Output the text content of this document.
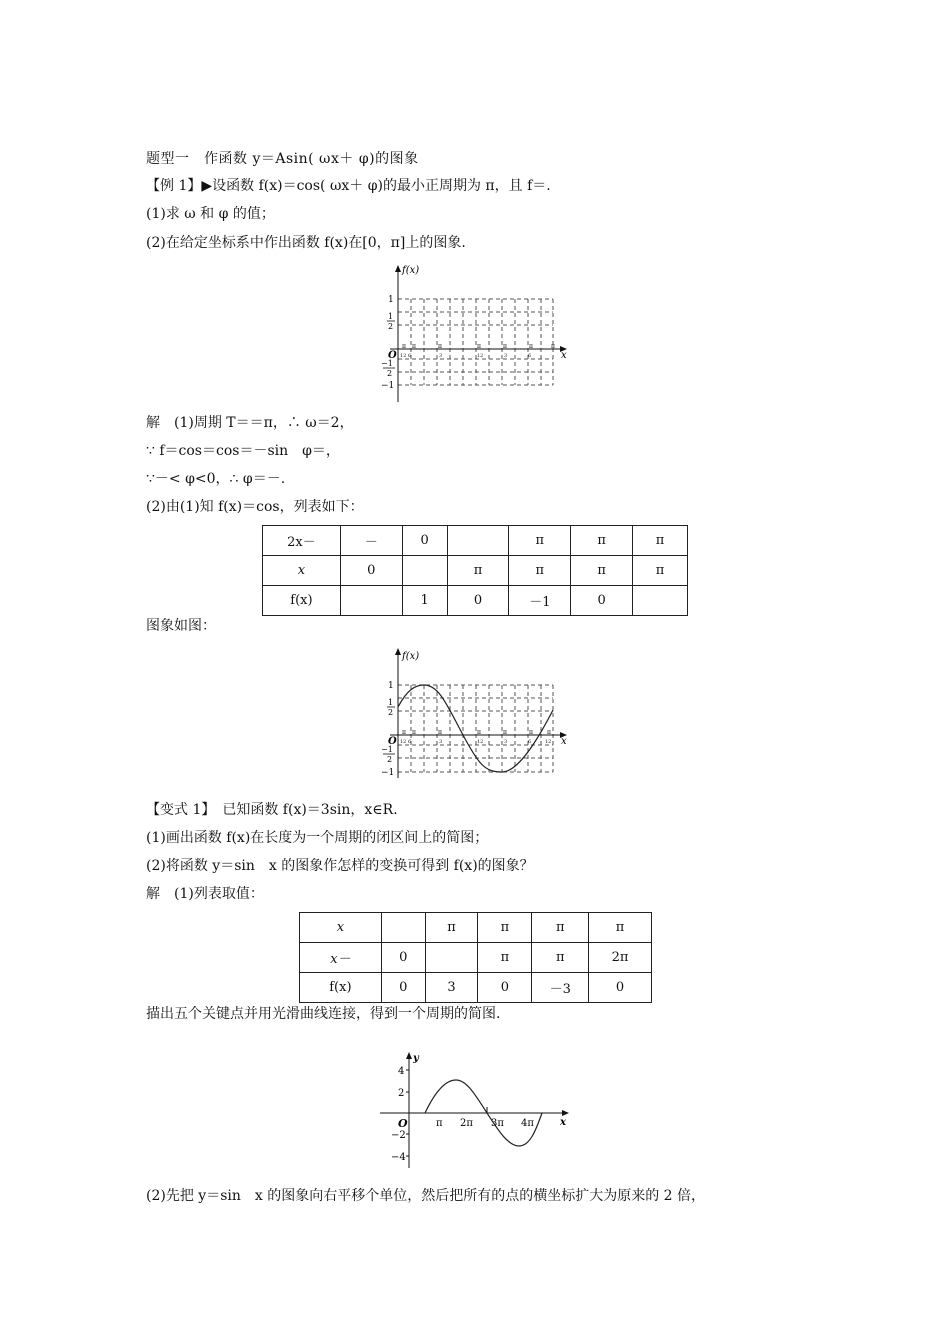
题型一　作函数 y＝Asin( ωx＋ φ)的图象
【例 1】▶设函数 f(x)＝cos( ωx＋ φ)的最小正周期为 π，且 f＝.
(1)求 ω 和 φ 的值；
(2)在给定坐标系中作出函数 f(x)在[0，π]上的图象.
f(x)
x
O
1
1
2
−1
2
−1
π π	π	π	π	π	π
12 6	3	12	3	6
解　(1)周期 T＝＝π，∴ ω＝2，
∵ f＝cos＝cos＝－sin　φ＝，
∵－< φ<0，∴ φ＝－.
(2)由(1)知 f(x)＝cos，列表如下：
2x－	－	0		π	π	π
x	0		π	π	π	π
f(x)		1	0	－1	0	
图象如图：
f(x)
x
O
1
1
2
−1
2
−1
π π	π	π	π	π π
12 6	3	12	3	6	12
【变式 1】　已知函数 f(x)＝3sin，x∈R.
(1)画出函数 f(x)在长度为一个周期的闭区间上的简图；
(2)将函数 y＝sin　x 的图象作怎样的变换可得到 f(x)的图象？
解　(1)列表取值：
x		π	π	π	π
x－	0		π	π	2π
f(x)	0	3	0	－3	0
描出五个关键点并用光滑曲线连接，得到一个周期的简图.
y
x
O
4
2
−2
−4
π 2π 3π 4π
(2)先把 y＝sin　x 的图象向右平移个单位，然后把所有的点的横坐标扩大为原来的 2 倍，
